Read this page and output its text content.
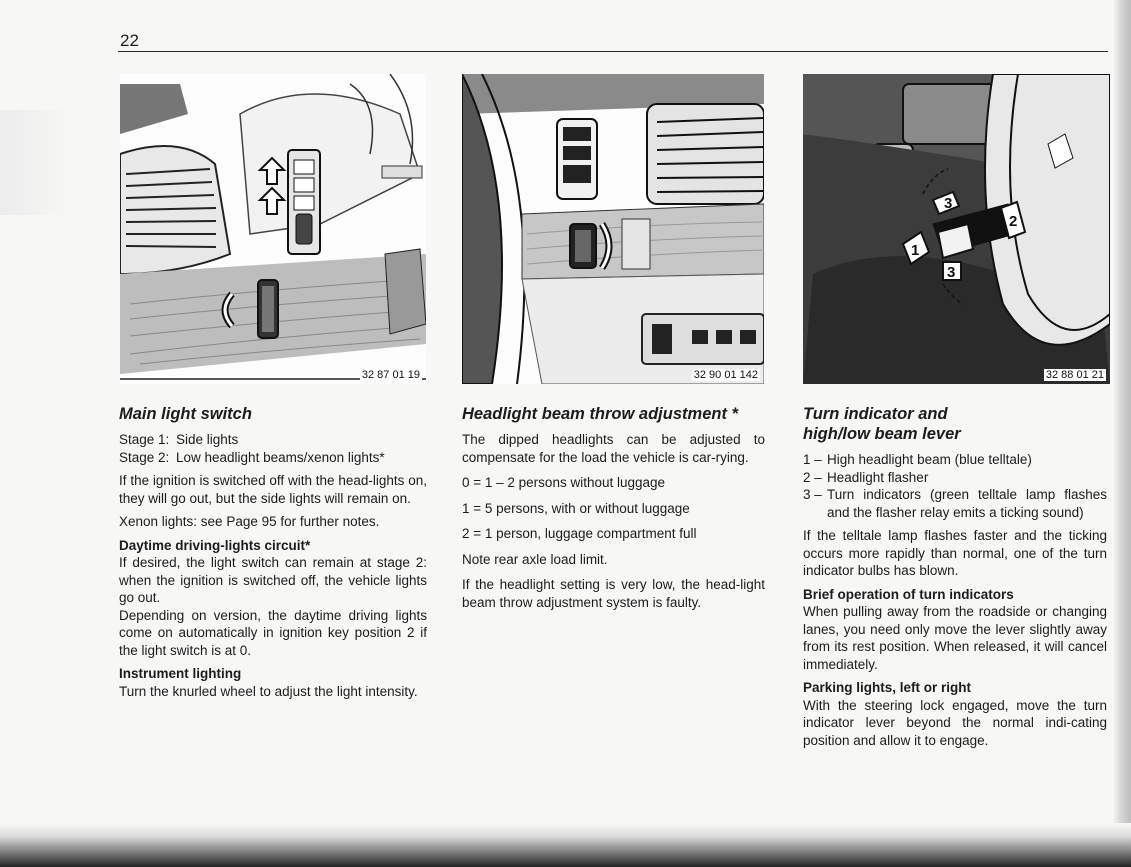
22
32 87 01 19	32 90 01 142
3
2
1
3
32 88 01 21
Main light switch
Stage 1: Side lights
Stage 2: Low headlight beams/xenon lights*

If the ignition is switched off with the head-lights on, they will go out, but the side lights will remain on.

Xenon lights: see Page 95 for further notes.

Daytime driving-lights circuit*

If desired, the light switch can remain at stage 2: when the ignition is switched off, the vehicle lights go out.

Depending on version, the daytime driving lights come on automatically in ignition key position 2 if the light switch is at 0.

Instrument lighting

Turn the knurled wheel to adjust the light intensity.

Headlight beam throw adjustment *

The dipped headlights can be adjusted to compensate for the load the vehicle is car-rying.

0 = 1 – 2 persons without luggage
1 = 5 persons, with or without luggage
2 = 1 person, luggage compartment full
Note rear axle load limit.

If the headlight setting is very low, the head-light beam throw adjustment system is faulty.

Turn indicator and
high/low beam lever
1 – High headlight beam (blue telltale)
2 – Headlight flasher
3 – Turn indicators (green telltale lamp flashes and the flasher relay emits a ticking sound)

If the telltale lamp flashes faster and the ticking occurs more rapidly than normal, one of the turn indicator bulbs has blown.

Brief operation of turn indicators

When pulling away from the roadside or changing lanes, you need only move the lever slightly away from its rest position. When released, it will cancel immediately.

Parking lights, left or right

With the steering lock engaged, move the turn indicator lever beyond the normal indi-cating position and allow it to engage.
